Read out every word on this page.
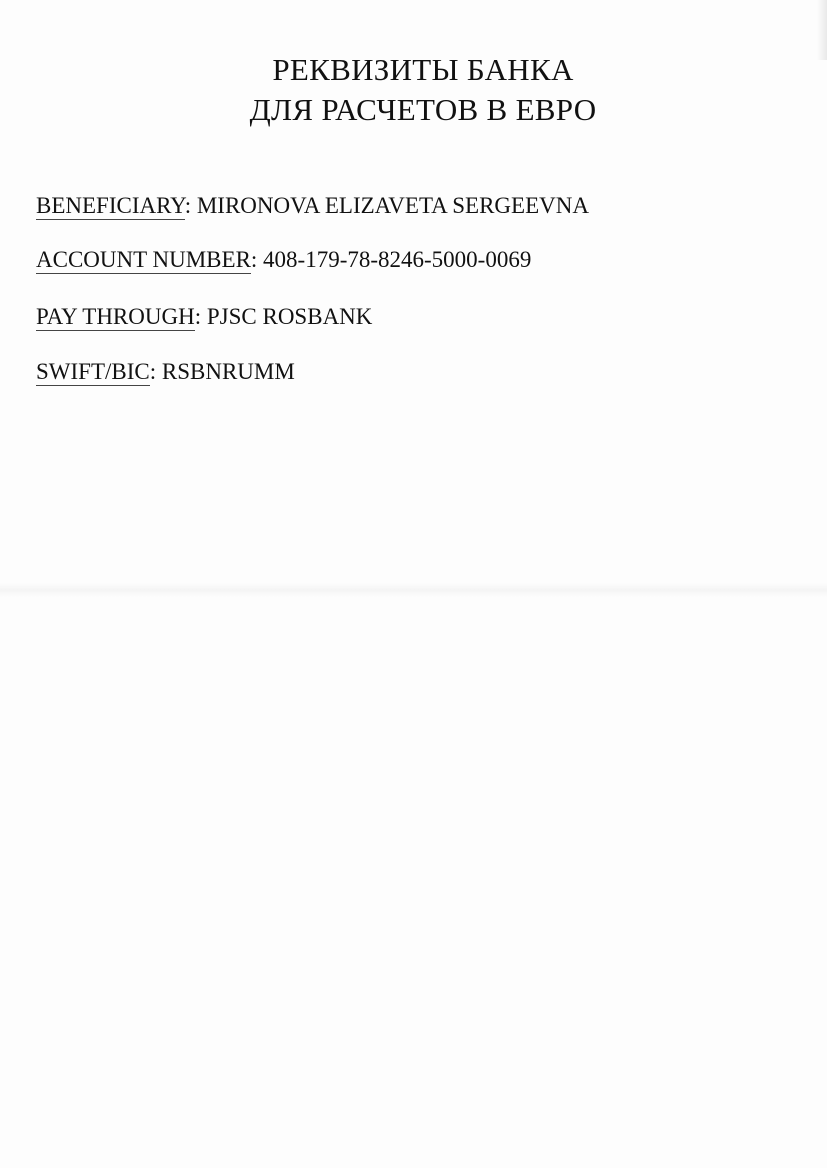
РЕКВИЗИТЫ БАНКА
ДЛЯ РАСЧЕТОВ В ЕВРО
BENEFICIARY: MIRONOVA ELIZAVETA SERGEEVNA
ACCOUNT NUMBER: 408-179-78-8246-5000-0069
PAY THROUGH: PJSC ROSBANK
SWIFT/BIC: RSBNRUMM
